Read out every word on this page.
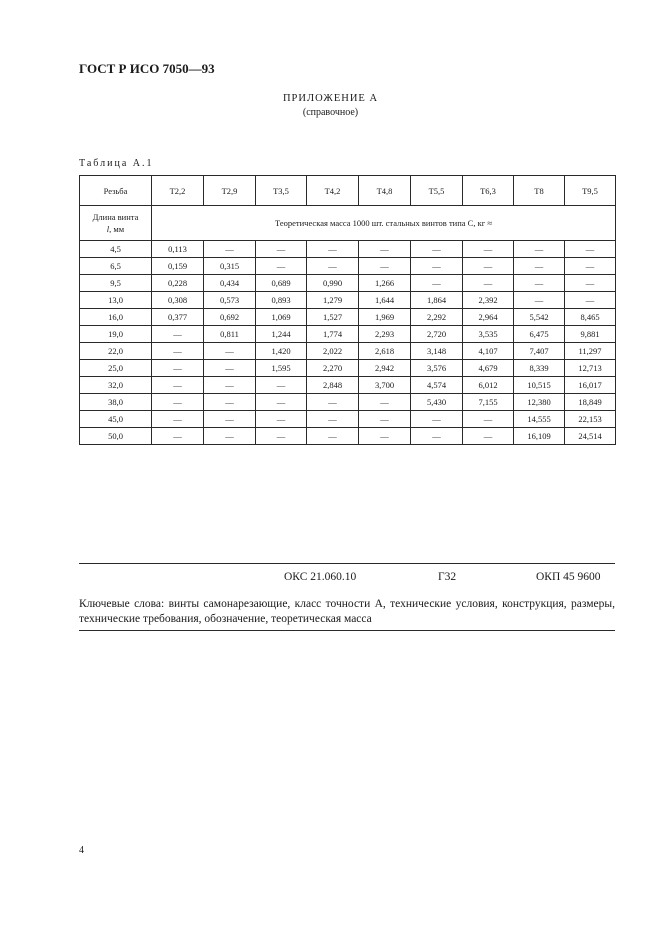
ГОСТ Р ИСО 7050—93
ПРИЛОЖЕНИЕ А
(справочное)
Таблица А.1
Резьба	Т2,2	Т2,9	Т3,5	Т4,2	Т4,8	Т5,5	Т6,3	Т8	Т9,5
Длина винта
l, мм	Теоретическая масса 1000 шт. стальных винтов типа С, кг ≈								
4,5	0,113	—	—	—	—	—	—	—	—
6,5	0,159	0,315	—	—	—	—	—	—	—
9,5	0,228	0,434	0,689	0,990	1,266	—	—	—	—
13,0	0,308	0,573	0,893	1,279	1,644	1,864	2,392	—	—
16,0	0,377	0,692	1,069	1,527	1,969	2,292	2,964	5,542	8,465
19,0	—	0,811	1,244	1,774	2,293	2,720	3,535	6,475	9,881
22,0	—	—	1,420	2,022	2,618	3,148	4,107	7,407	11,297
25,0	—	—	1,595	2,270	2,942	3,576	4,679	8,339	12,713
32,0	—	—	—	2,848	3,700	4,574	6,012	10,515	16,017
38,0	—	—	—	—	—	5,430	7,155	12,380	18,849
45,0	—	—	—	—	—	—	—	14,555	22,153
50,0	—	—	—	—	—	—	—	16,109	24,514
ОКС 21.060.10	Г32	ОКП 45 9600
Ключевые слова: винты самонарезающие, класс точности А, технические условия, конструкция, размеры, технические требования, обозначение, теоретическая масса
4
